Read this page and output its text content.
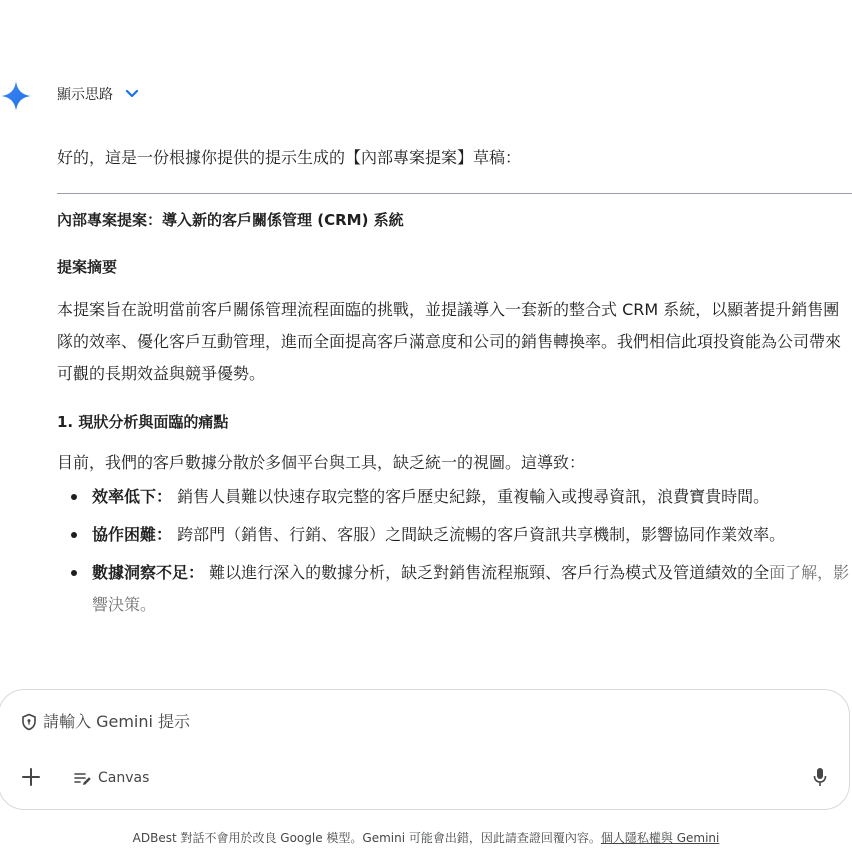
顯示思路

好的，這是一份根據你提供的提示生成的【內部專案提案】草稿：

內部專案提案：導入新的客戶關係管理 (CRM) 系統

提案摘要

本提案旨在說明當前客戶關係管理流程面臨的挑戰，並提議導入一套新的整合式 CRM 系統，以顯著提升銷售團隊的效率、優化客戶互動管理，進而全面提高客戶滿意度和公司的銷售轉換率。我們相信此項投資能為公司帶來可觀的長期效益與競爭優勢。

1. 現狀分析與面臨的痛點

目前，我們的客戶數據分散於多個平台與工具，缺乏統一的視圖。這導致：

效率低下： 銷售人員難以快速存取完整的客戶歷史紀錄，重複輸入或搜尋資訊，浪費寶貴時間。
協作困難： 跨部門（銷售、行銷、客服）之間缺乏流暢的客戶資訊共享機制，影響協同作業效率。
數據洞察不足： 難以進行深入的數據分析，缺乏對銷售流程瓶頸、客戶行為模式及管道績效的全面了解，影響決策。
請輸入 Gemini 提示
Canvas
ADBest 對話不會用於改良 Google 模型。Gemini 可能會出錯，因此請查證回覆內容。個人隱私權與 Gemini
